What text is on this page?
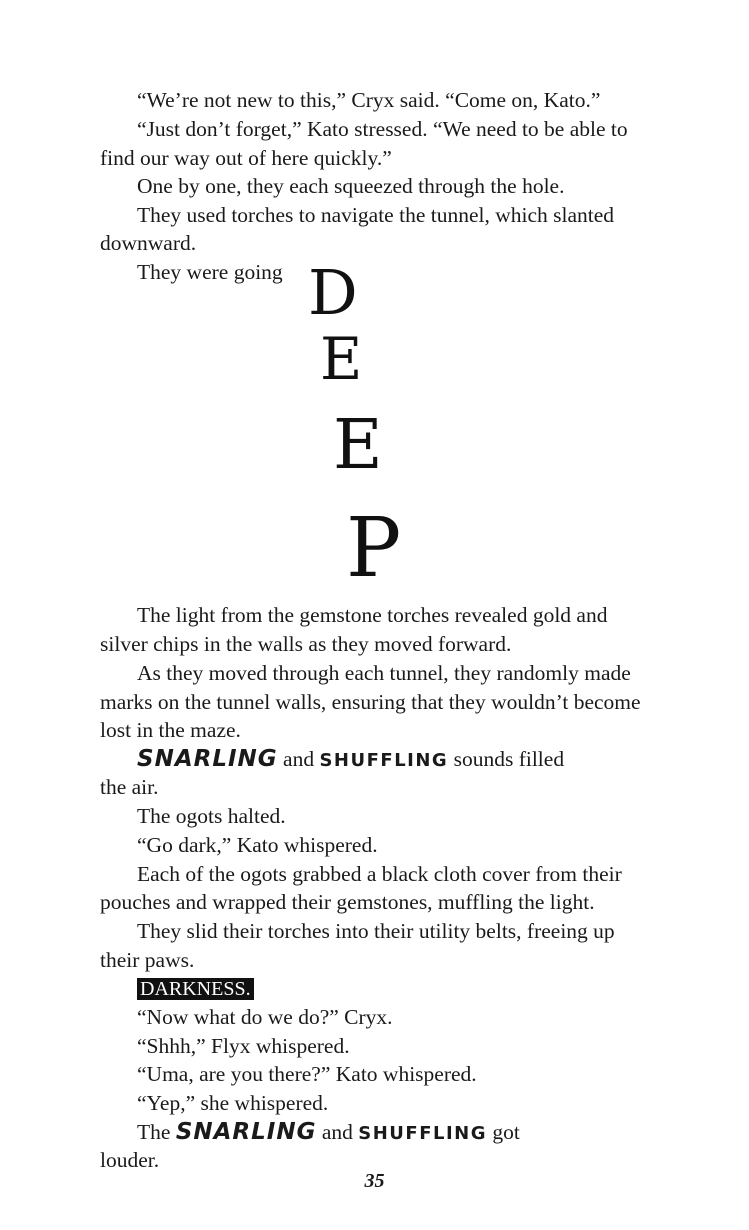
“We’re not new to this,” Cryx said. “Come on, Kato.”

“Just don’t forget,” Kato stressed. “We need to be able to

find our way out of here quickly.”

One by one, they each squeezed through the hole.

They used torches to navigate the tunnel, which slanted

downward.

They were going D
E
E
P

The light from the gemstone torches revealed gold and

silver chips in the walls as they moved forward.

As they moved through each tunnel, they randomly made

marks on the tunnel walls, ensuring that they wouldn’t become

lost in the maze.

SNARLING and SHUFFLING sounds filled

the air.

The ogots halted.

“Go dark,” Kato whispered.

Each of the ogots grabbed a black cloth cover from their

pouches and wrapped their gemstones, muffling the light.

They slid their torches into their utility belts, freeing up

their paws.

DARKNESS.

“Now what do we do?” Cryx.

“Shhh,” Flyx whispered.

“Uma, are you there?” Kato whispered.

“Yep,” she whispered.

The SNARLING and SHUFFLING got

louder.

35
